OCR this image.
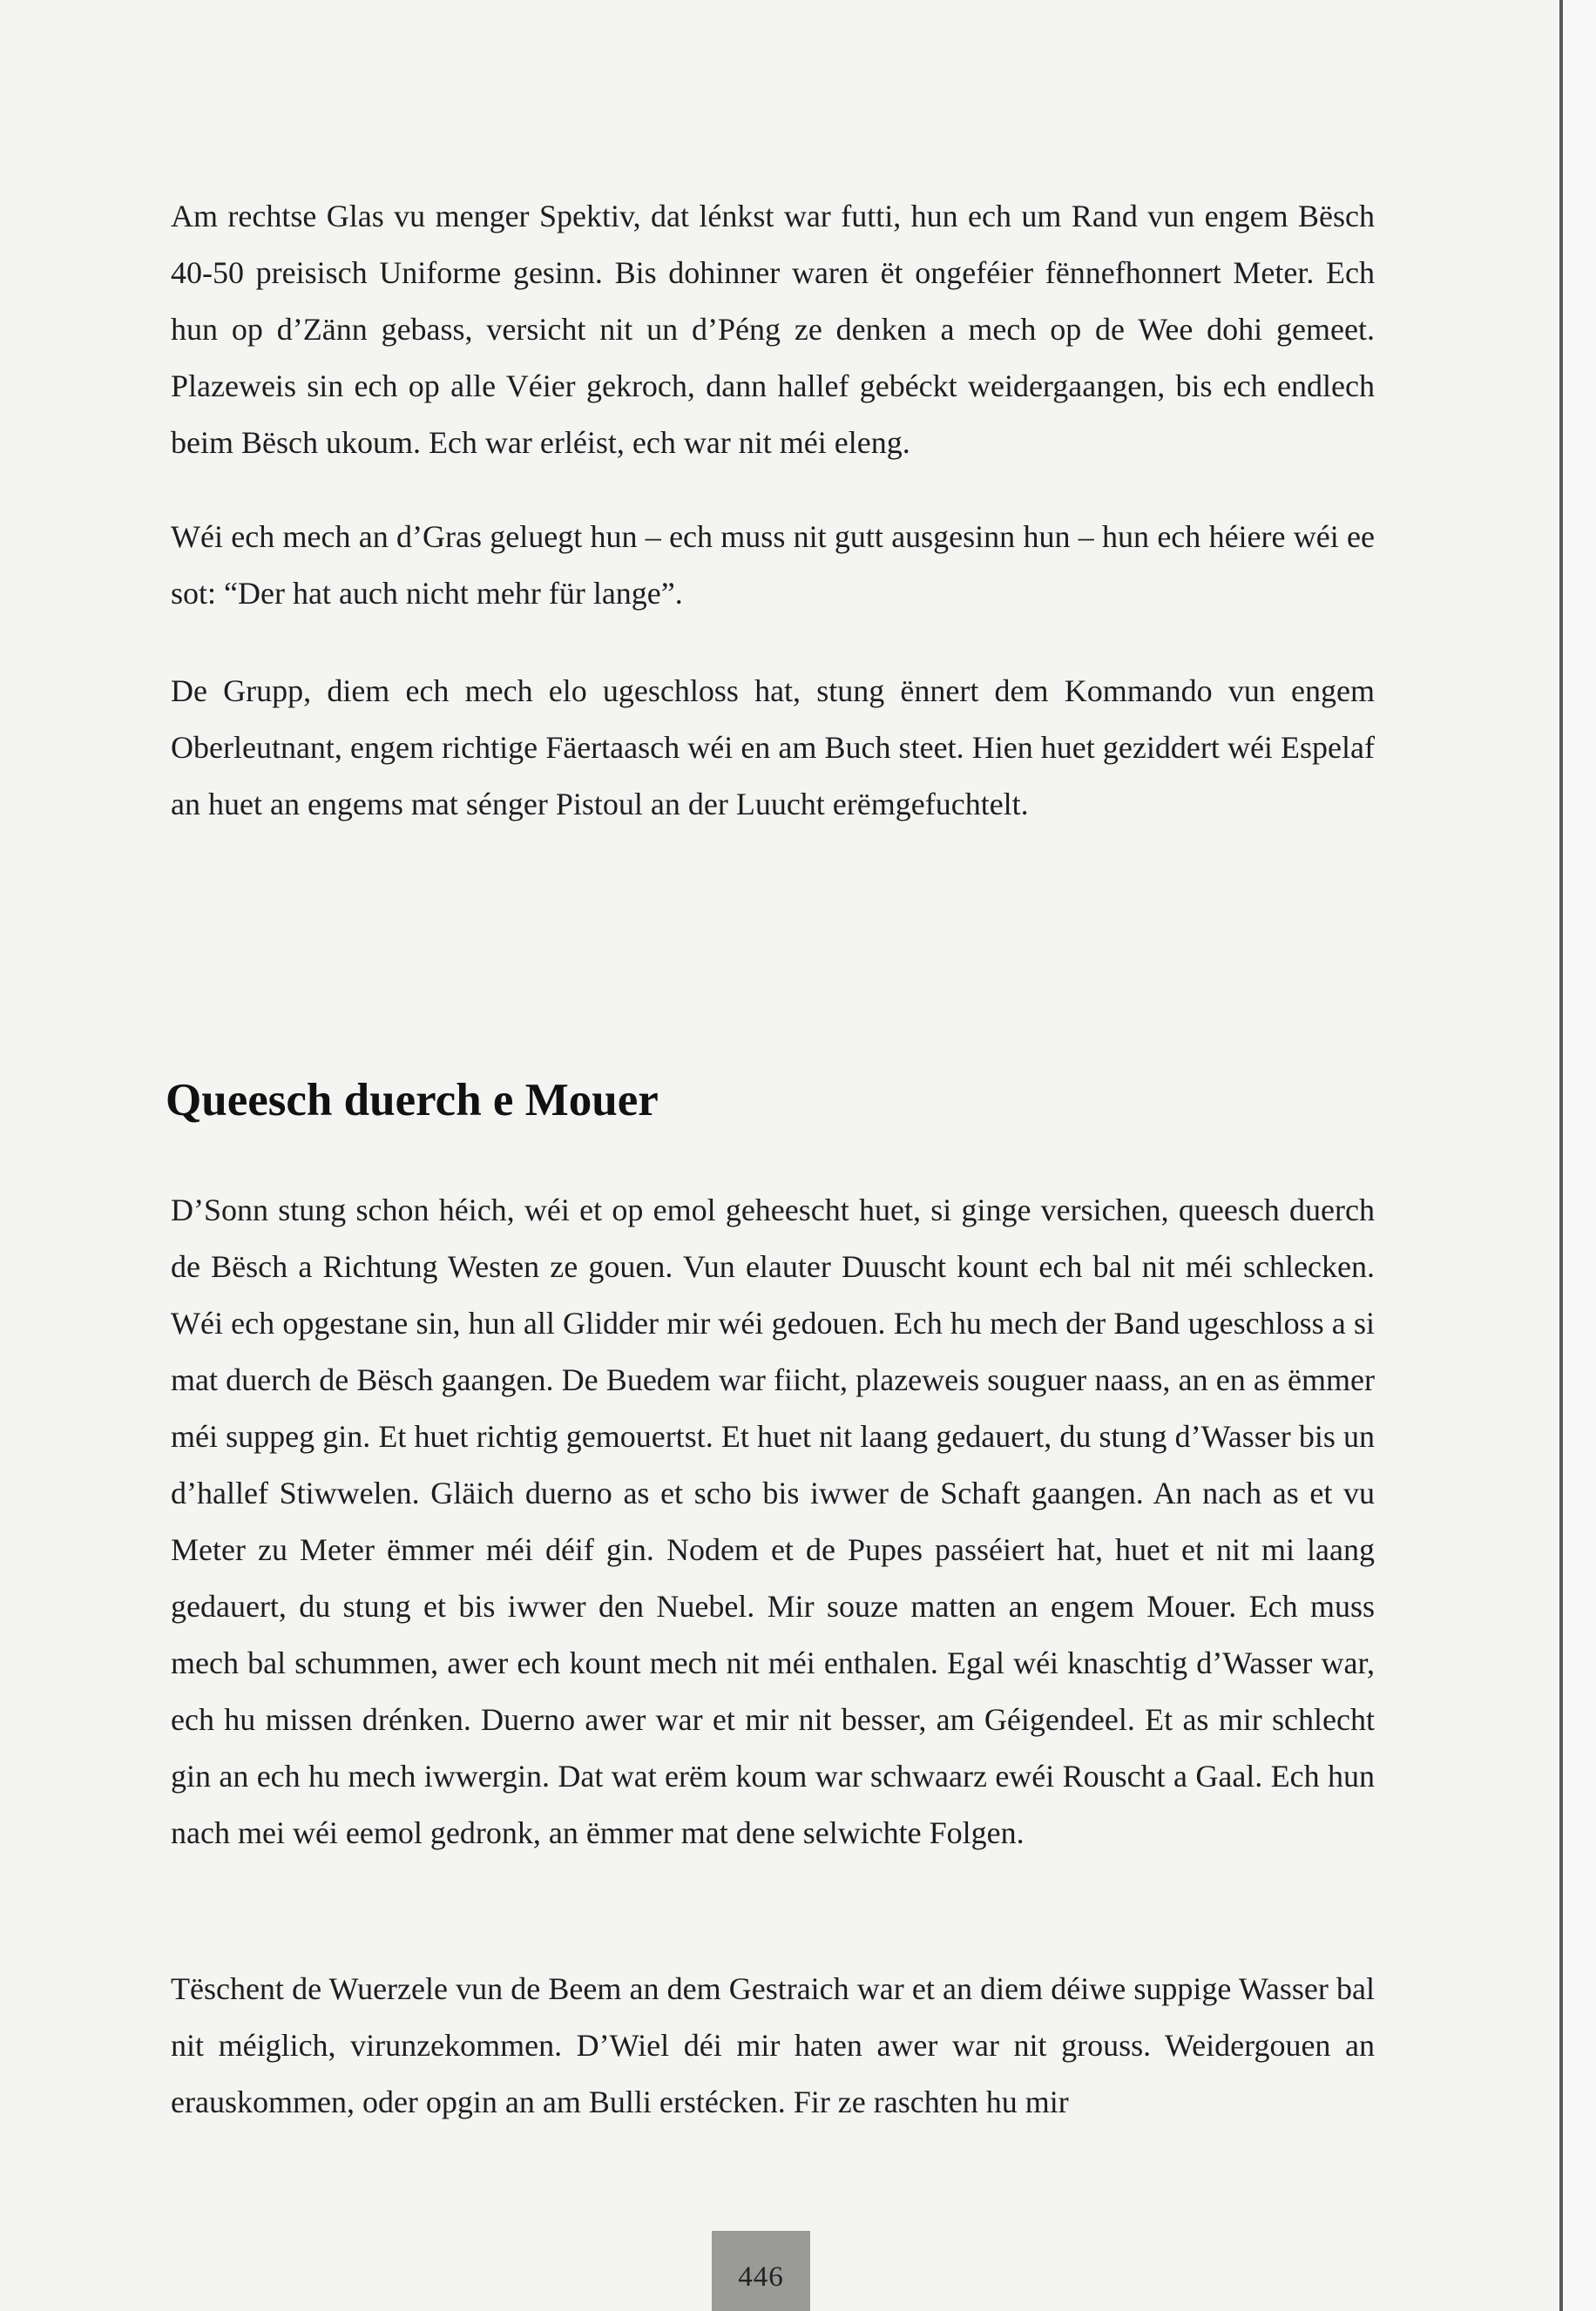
Am rechtse Glas vu menger Spektiv, dat lénkst war futti, hun ech um Rand vun engem Bësch 40-50 preisisch Uniforme gesinn. Bis dohinner waren ët ongeféier fënnefhonnert Meter. Ech hun op d’Zänn gebass, versicht nit un d’Péng ze denken a mech op de Wee dohi gemeet. Plazeweis sin ech op alle Véier gekroch, dann hallef gebéckt weidergaangen, bis ech endlech beim Bësch ukoum. Ech war erléist, ech war nit méi eleng.

Wéi ech mech an d’Gras geluegt hun – ech muss nit gutt ausgesinn hun – hun ech héiere wéi ee sot: “Der hat auch nicht mehr für lange”.

De Grupp, diem ech mech elo ugeschloss hat, stung ënnert dem Kommando vun engem Oberleutnant, engem richtige Fäertaasch wéi en am Buch steet. Hien huet geziddert wéi Espelaf an huet an engems mat sénger Pistoul an der Luucht erëmgefuchtelt.

Queesch duerch e Mouer

D’Sonn stung schon héich, wéi et op emol geheescht huet, si ginge versichen, queesch duerch de Bësch a Richtung Westen ze gouen. Vun elauter Duuscht kount ech bal nit méi schlecken. Wéi ech opgestane sin, hun all Glidder mir wéi gedouen. Ech hu mech der Band ugeschloss a si mat duerch de Bësch gaangen. De Buedem war fiicht, plazeweis souguer naass, an en as ëmmer méi suppeg gin. Et huet richtig gemouertst. Et huet nit laang gedauert, du stung d’Wasser bis un d’hallef Stiwwelen. Gläich duerno as et scho bis iwwer de Schaft gaangen. An nach as et vu Meter zu Meter ëmmer méi déif gin. Nodem et de Pupes passéiert hat, huet et nit mi laang gedauert, du stung et bis iwwer den Nuebel. Mir souze matten an engem Mouer. Ech muss mech bal schummen, awer ech kount mech nit méi enthalen. Egal wéi knaschtig d’Wasser war, ech hu missen drénken. Duerno awer war et mir nit besser, am Géigendeel. Et as mir schlecht gin an ech hu mech iwwergin. Dat wat erëm koum war schwaarz ewéi Rouscht a Gaal. Ech hun nach mei wéi eemol gedronk, an ëmmer mat dene selwichte Folgen.

Tëschent de Wuerzele vun de Beem an dem Gestraich war et an diem déiwe suppige Wasser bal nit méiglich, virunzekommen. D’Wiel déi mir haten awer war nit grouss. Weidergouen an erauskommen, oder opgin an am Bulli erstécken. Fir ze raschten hu mir

446
